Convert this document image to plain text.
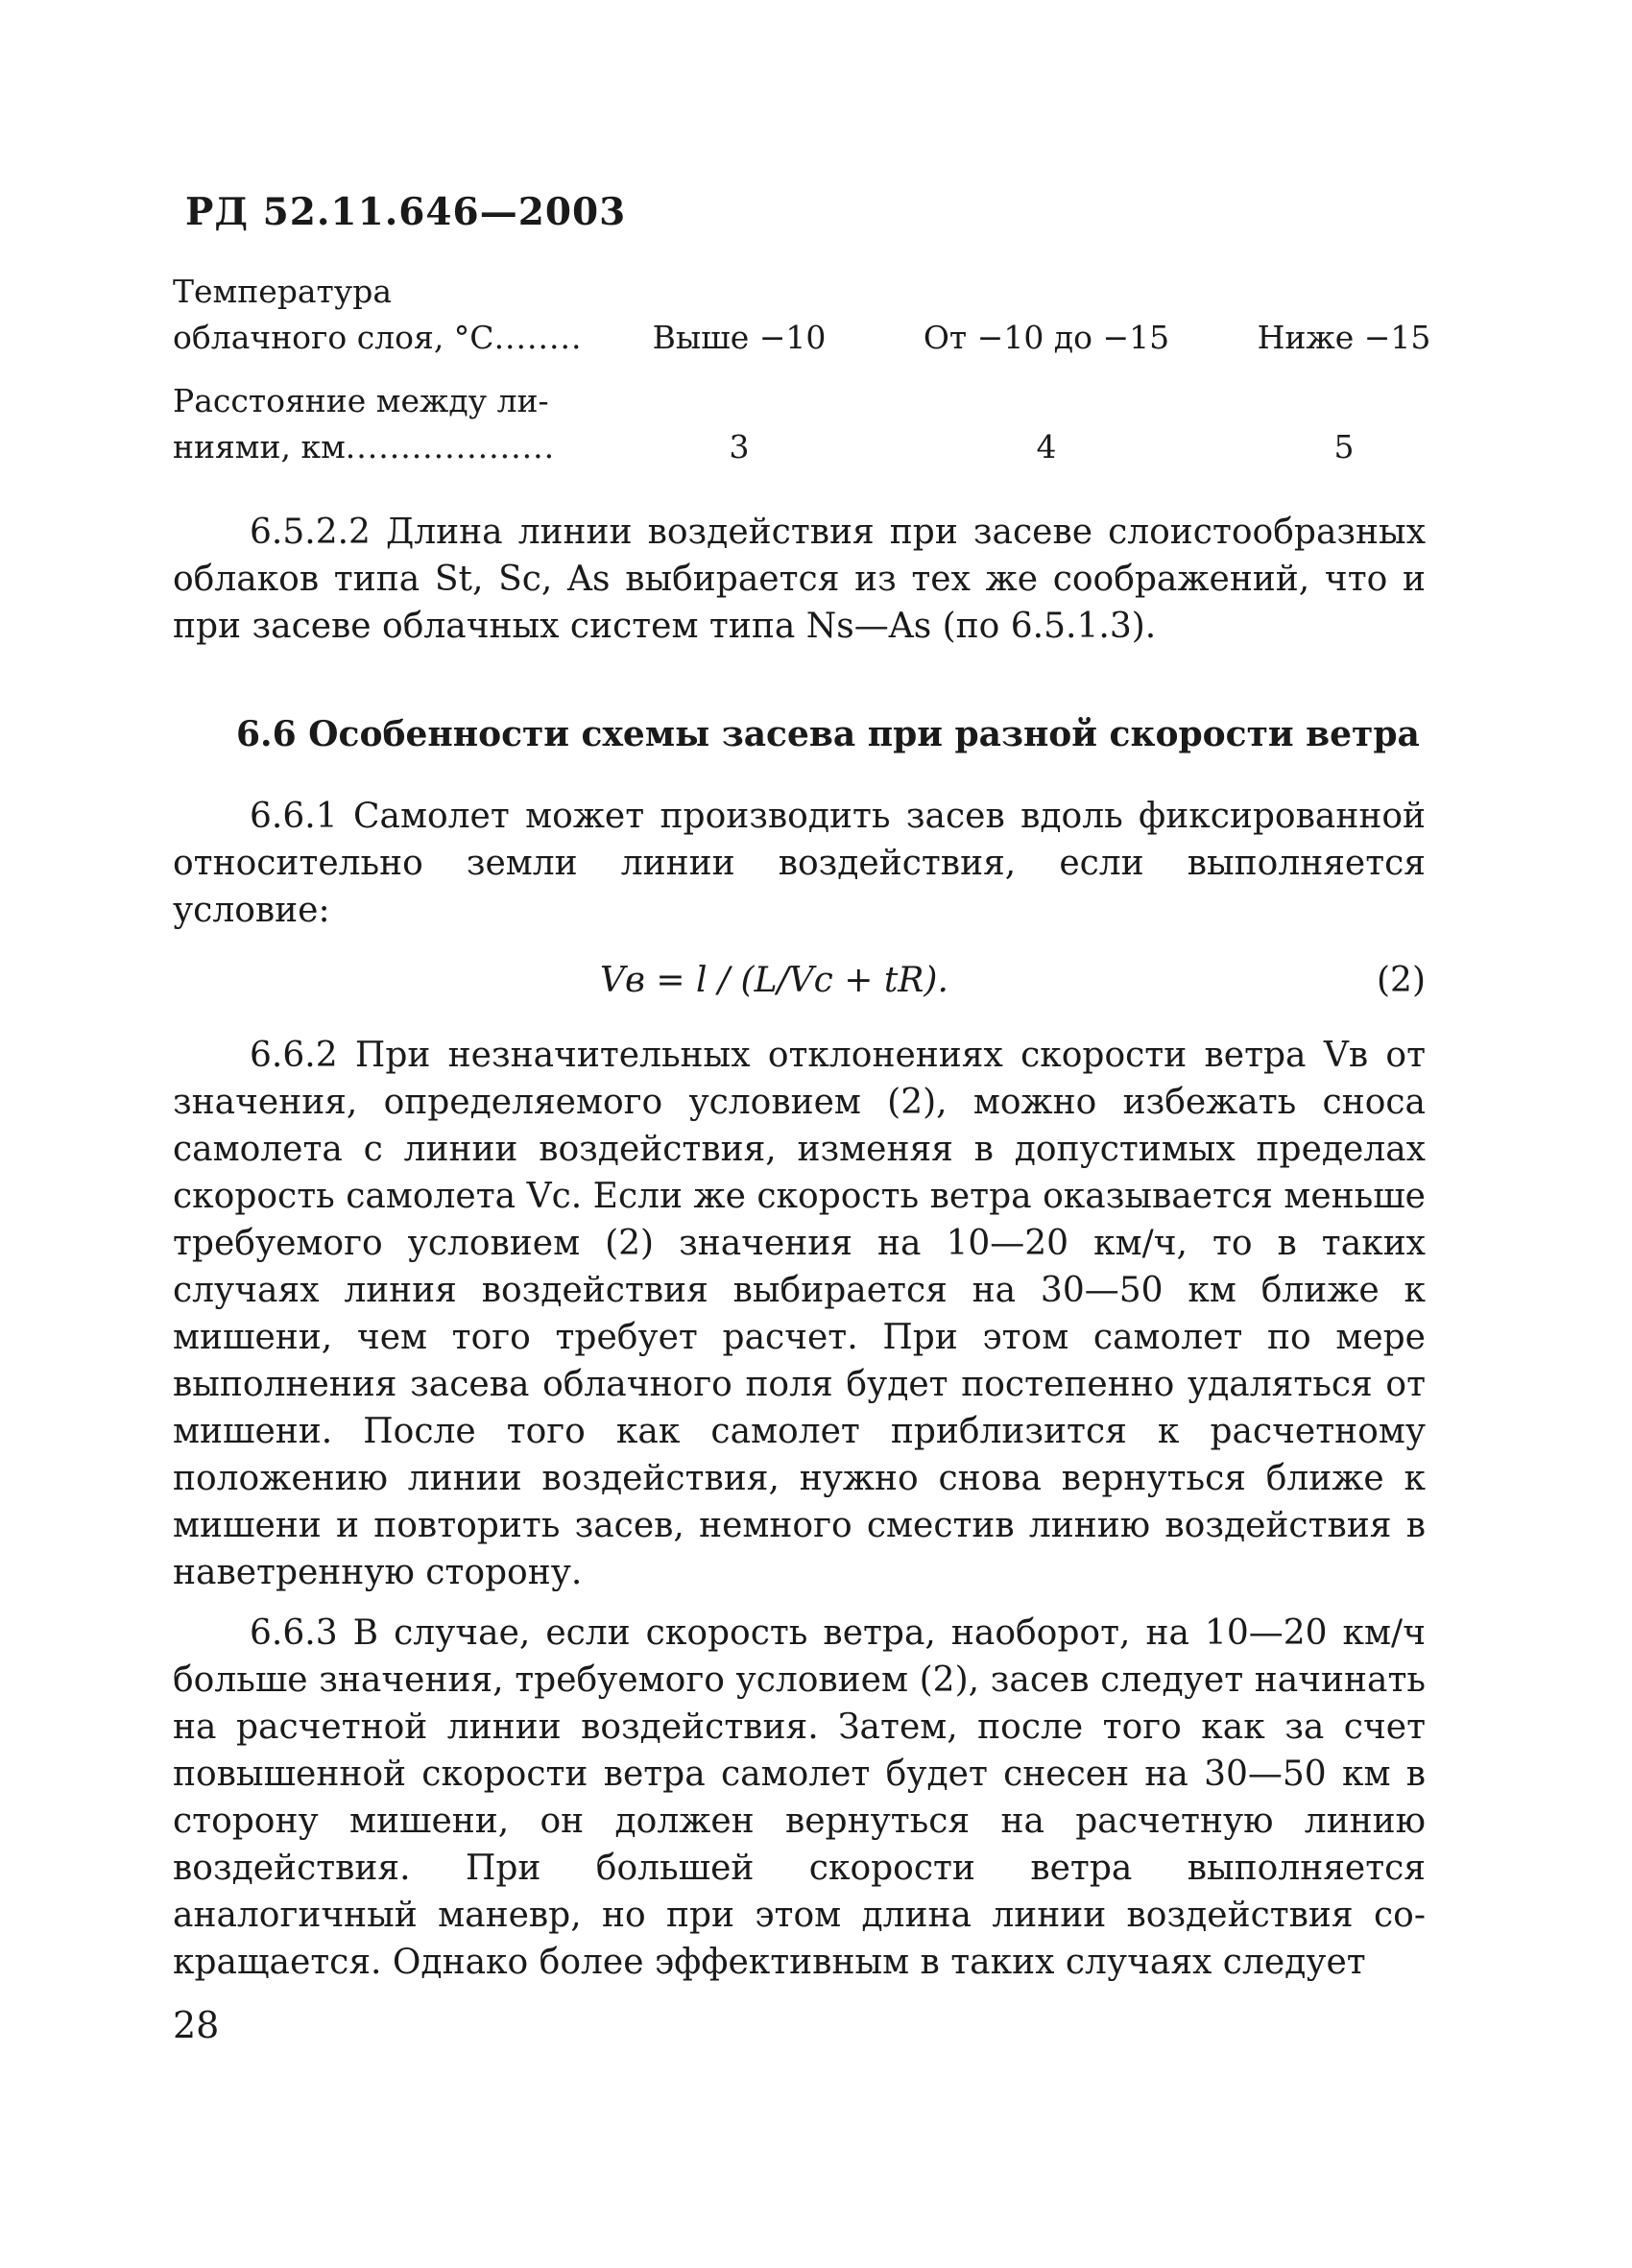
РД 52.11.646—2003
Температура
облачного слоя, °С........	Выше −10	От −10 до −15	Ниже −15
Расстояние между ли-
ниями, км...................	3	4	5

6.5.2.2 Длина линии воздействия при засеве слоистообразных облаков типа St, Sc, As выбирается из тех же соображений, что и при засеве облачных систем типа Ns—As (по 6.5.1.3).

6.6 Особенности схемы засева при разной скорости ветра

6.6.1 Самолет может производить засев вдоль фиксированной относительно земли линии воздействия, если выполняется условие:

Vв = l / (L/Vc + tR).	(2)

6.6.2 При незначительных отклонениях скорости ветра Vв от значения, определяемого условием (2), можно избежать сноса самолета с линии воздействия, изменяя в допустимых пределах скорость самолета Vс. Если же скорость ветра оказывается меньше требуемого условием (2) значения на 10—20 км/ч, то в таких случаях линия воздействия выбирается на 30—50 км ближе к мишени, чем того требует расчет. При этом самолет по мере выполнения засева облачного поля будет постепенно удаляться от мишени. После того как самолет приблизится к расчетному положению линии воздействия, нужно снова вернуться ближе к мишени и повторить засев, немного сместив линию воздействия в наветренную сторону.

6.6.3 В случае, если скорость ветра, наоборот, на 10—20 км/ч больше значения, требуемого условием (2), засев следует начинать на расчетной линии воздействия. Затем, после того как за счет повышенной скорости ветра самолет будет снесен на 30—50 км в сторону мишени, он должен вернуться на расчетную линию воздействия. При большей скорости ветра выполняется аналогичный маневр, но при этом длина линии воздействия сокращается. Однако более эффективным в таких случаях следует

28
